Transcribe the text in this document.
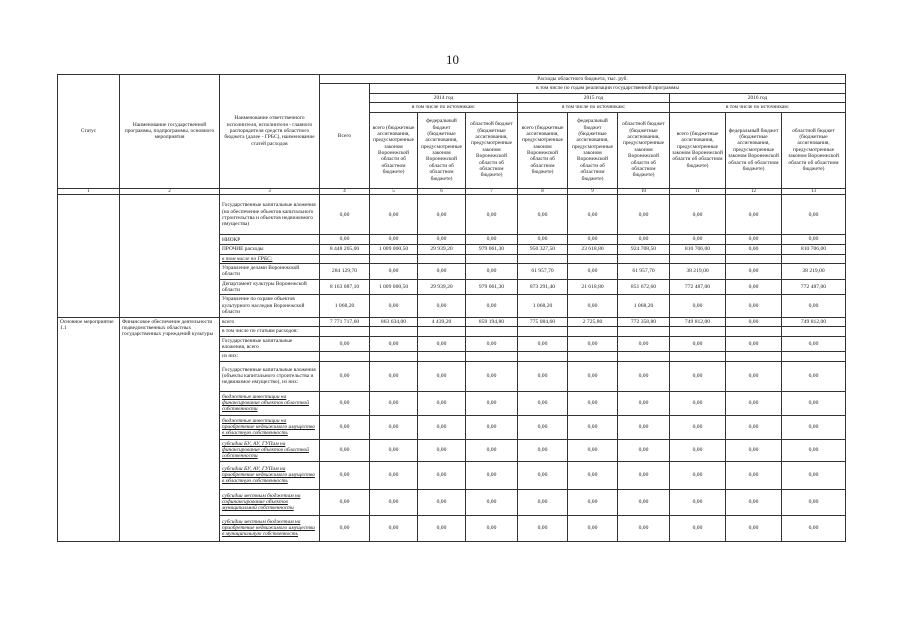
10
Статус	Наименование государственной программы, подпрограммы, основного мероприятия	Наименование ответственного исполнителя, исполнителя - главного распорядителя средств областного бюджета (далее - ГРБС), наименование статей расходов	Расходы областного бюджета, тыс. руб.									
			Всего	в том числе по годам реализации государственной программы								
				2014 год			2015 год			2016 год		
				в том числе по источникам:			в том числе по источникам:			в том числе по источникам:		
				всего (бюджетные ассигнования, предусмотренные законом Воронежской области об областном бюджете)	федеральный бюджет (бюджетные ассигнования, предусмотренные законом Воронежской области об областном бюджете)	областной бюджет (бюджетные ассигнования, предусмотренные законом Воронежской области об областном бюджете)	всего (бюджетные ассигнования, предусмотренные законом Воронежской области об областном бюджете)	федеральный бюджет (бюджетные ассигнования, предусмотренные законом Воронежской области об областном бюджете)	областной бюджет (бюджетные ассигнования, предусмотренные законом Воронежской области об областном бюджете)	всего (бюджетные ассигнования, предусмотренные законом Воронежской области об областном бюджете)	федеральный бюджет (бюджетные ассигнования, предусмотренные законом Воронежской области об областном бюджете)	областной бюджет (бюджетные ассигнования, предусмотренные законом Воронежской области об областном бюджете)
1	2	3	4	5	6	7	8	9	10	11	12	13
		Государственные капитальные вложения (на обеспечение объектов капитального строительства и объектов недвижимого имущества)	0,00	0,00	0,00	0,00	0,00	0,00	0,00	0,00	0,00	0,00
		НИОКР	0,00	0,00	0,00	0,00	0,00	0,00	0,00	0,00	0,00	0,00
		ПРОЧИЕ расходы	8 448 265,00	1 009 000,50	29 939,20	979 061,30	950 327,50	23 618,80	924 708,50	810 706,00	0,00	810 706,00
		в том числе по ГРБС:										
		Управление делами Воронежской области	284 129,70	0,00	0,00	0,00	61 957,70	0,00	61 957,70	38 219,00	0,00	38 219,00
		Департамент культуры Воронежской области	8 163 087,10	1 009 000,50	29 939,20	979 061,30	873 291,40	21 618,80	851 672,60	772 487,00	0,00	772 487,00
		Управление по охране объектов культурного наследия Воронежской области	1 068,20	0,00	0,00	0,00	1 068,20	0,00	1 068,20	0,00	0,00	0,00
Основное мероприятие 1.1	Финансовое обеспечение деятельности подведомственных областных государственных учреждений культуры	всего	7 771 717,60	863 634,00	4 439,20	859 194,80	775 084,60	2 725,80	772 358,80	749 812,00	0,00	749 812,00
		в том числе по статьям расходов:										
		Государственные капитальные вложения, всего	0,00	0,00	0,00	0,00	0,00	0,00	0,00	0,00	0,00	0,00
		из них:										
		Государственные капитальные вложения (объекты капитального строительства и недвижимое имущество), из них:	0,00	0,00	0,00	0,00	0,00	0,00	0,00	0,00	0,00	0,00
		бюджетные инвестиции на финансирование объектов областной собственности	0,00	0,00	0,00	0,00	0,00	0,00	0,00	0,00	0,00	0,00
		бюджетные инвестиции на приобретение недвижимого имущества в областную собственность	0,00	0,00	0,00	0,00	0,00	0,00	0,00	0,00	0,00	0,00
		субсидии БУ, АУ, ГУПам на финансирование объектов областной собственности	0,00	0,00	0,00	0,00	0,00	0,00	0,00	0,00	0,00	0,00
		субсидии БУ, АУ, ГУПам на приобретение недвижимого имущества в областную собственность	0,00	0,00	0,00	0,00	0,00	0,00	0,00	0,00	0,00	0,00
		субсидии местным бюджетам на софинансирование объектов муниципальной собственности	0,00	0,00	0,00	0,00	0,00	0,00	0,00	0,00	0,00	0,00
		субсидии местным бюджетам на приобретение недвижимого имущества в муниципальную собственность	0,00	0,00	0,00	0,00	0,00	0,00	0,00	0,00	0,00	0,00
